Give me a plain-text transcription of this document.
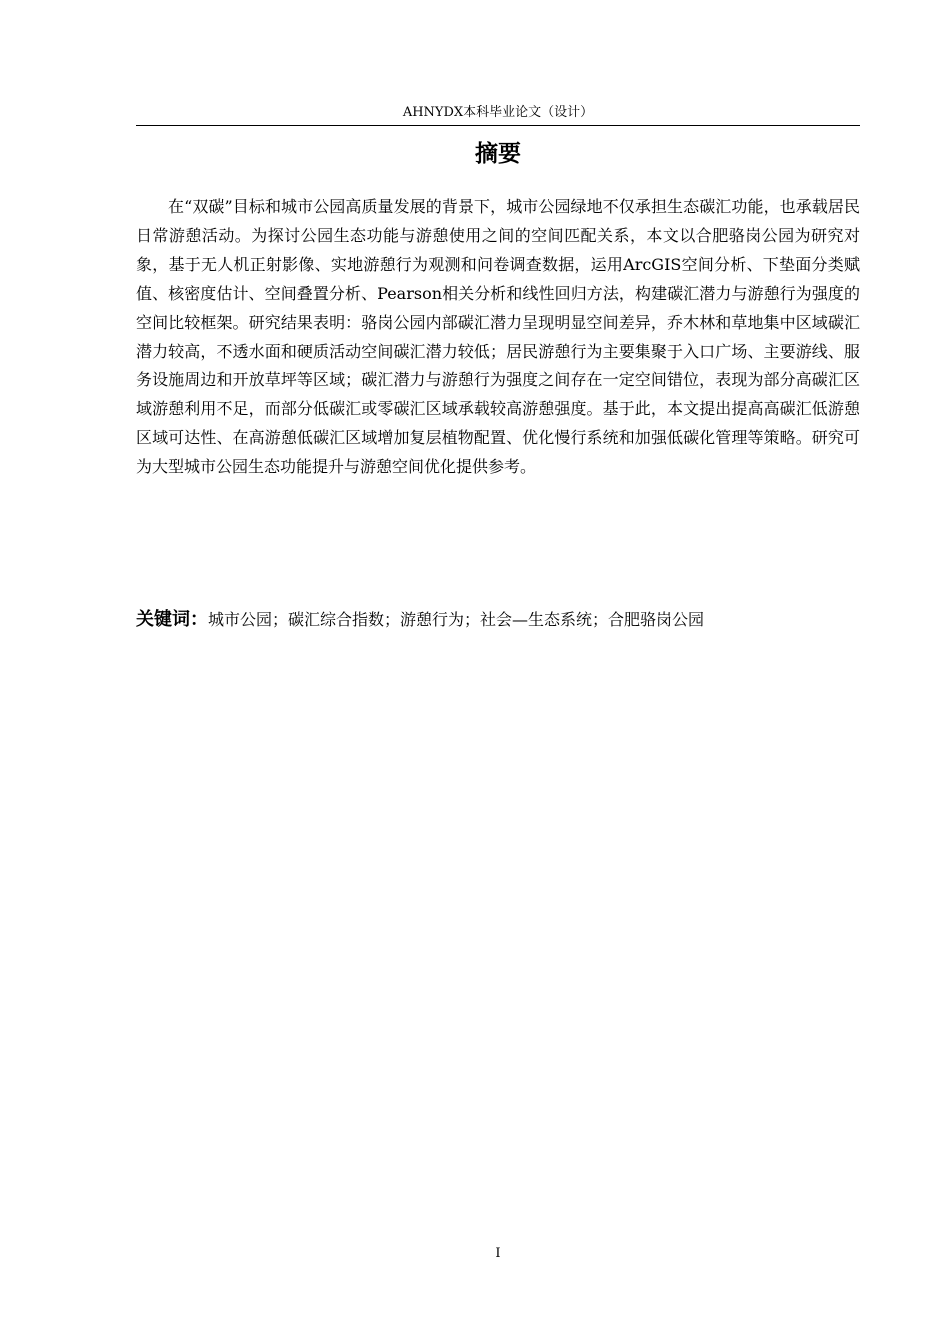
AHNYDX本科毕业论文（设计）
摘要

在“双碳”目标和城市公园高质量发展的背景下，城市公园绿地不仅承担生态碳汇功能，也承载居民日常游憩活动。为探讨公园生态功能与游憩使用之间的空间匹配关系，本文以合肥骆岗公园为研究对象，基于无人机正射影像、实地游憩行为观测和问卷调查数据，运用ArcGIS空间分析、下垫面分类赋值、核密度估计、空间叠置分析、Pearson相关分析和线性回归方法，构建碳汇潜力与游憩行为强度的空间比较框架。研究结果表明：骆岗公园内部碳汇潜力呈现明显空间差异，乔木林和草地集中区域碳汇潜力较高，不透水面和硬质活动空间碳汇潜力较低；居民游憩行为主要集聚于入口广场、主要游线、服务设施周边和开放草坪等区域；碳汇潜力与游憩行为强度之间存在一定空间错位，表现为部分高碳汇区域游憩利用不足，而部分低碳汇或零碳汇区域承载较高游憩强度。基于此，本文提出提高高碳汇低游憩区域可达性、在高游憩低碳汇区域增加复层植物配置、优化慢行系统和加强低碳化管理等策略。研究可为大型城市公园生态功能提升与游憩空间优化提供参考。

关键词：城市公园；碳汇综合指数；游憩行为；社会—生态系统；合肥骆岗公园

I
